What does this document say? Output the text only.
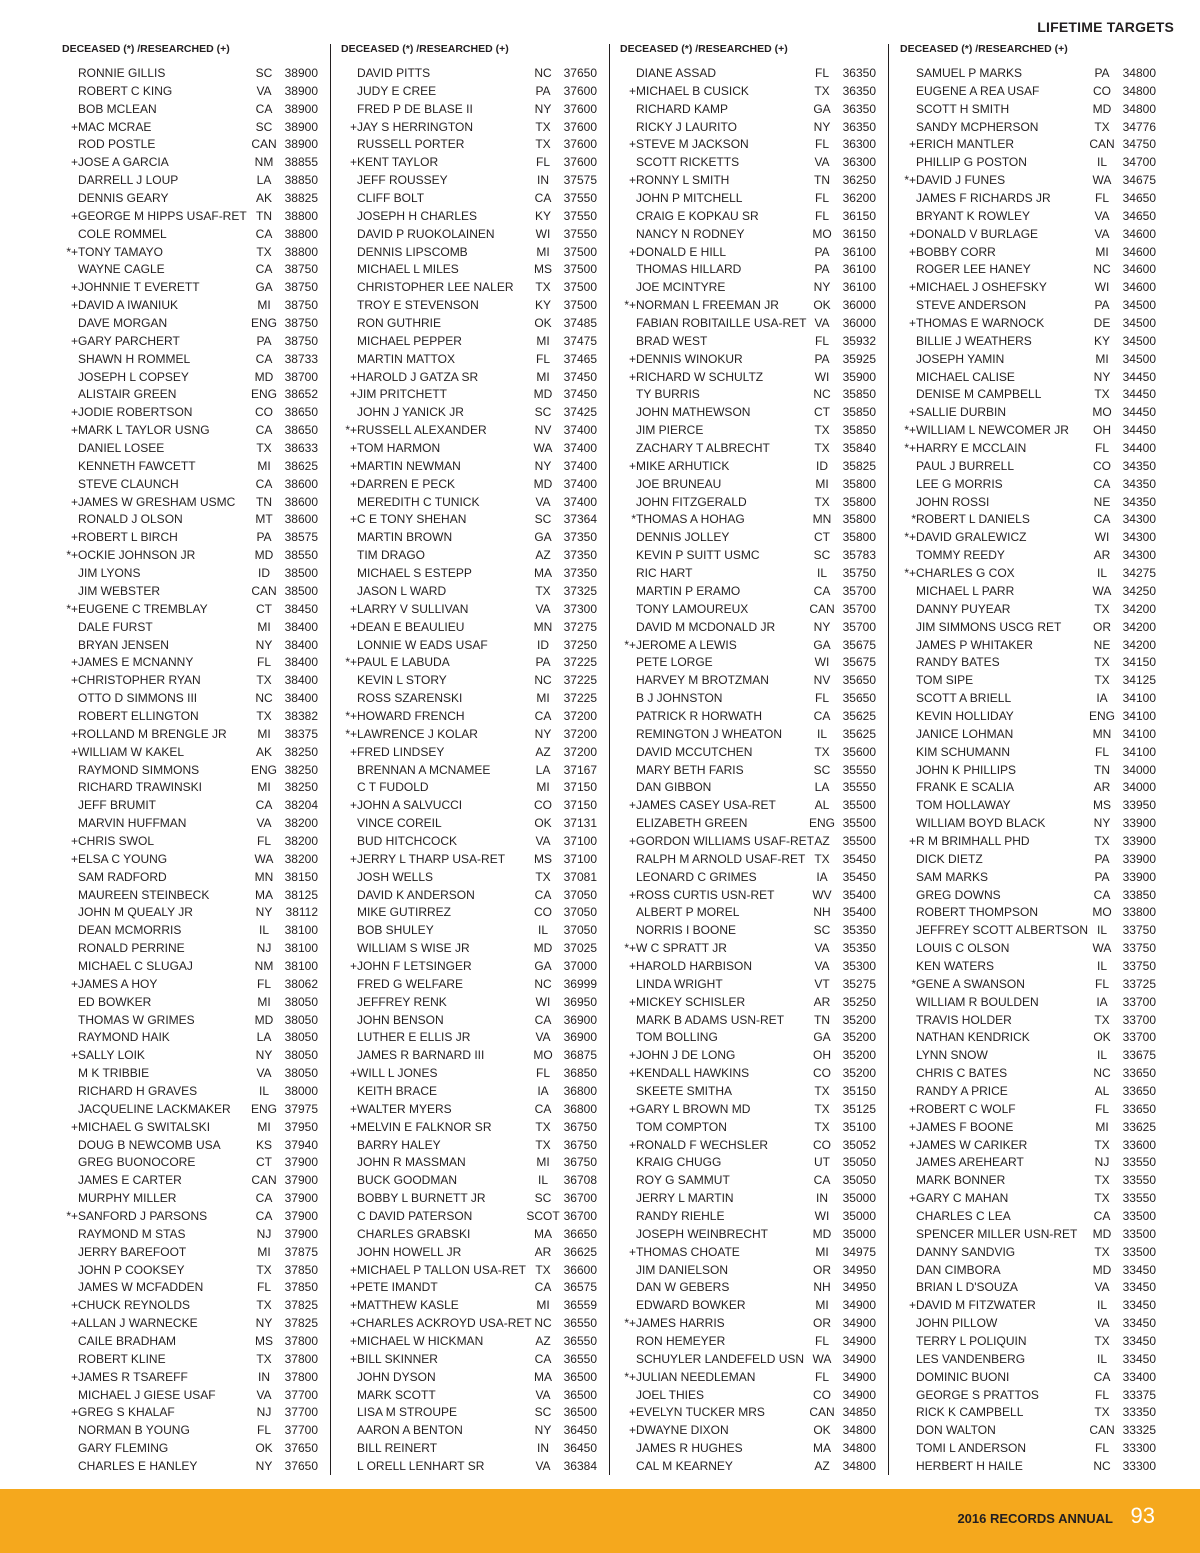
LIFETIME TARGETS
DECEASED (*) /RESEARCHED (+)
RONNIE GILLIS	SC	38900
ROBERT C KING	VA	38900
BOB MCLEAN	CA	38900
+ MAC MCRAE	SC	38900
ROD POSTLE	CAN 38900
+ JOSE A GARCIA	NM 38855
DARRELL J LOUP	LA	38850
DENNIS GEARY	AK	38825
+ GEORGE M HIPPS USAF-RET TN	38800
COLE ROMMEL	CA	38800
*+ TONY TAMAYO	TX	38800
WAYNE CAGLE	CA	38750
+ JOHNNIE T EVERETT	GA 38750
+ DAVID A IWANIUK	MI	38750
DAVE MORGAN	ENG 38750
+ GARY PARCHERT	PA	38750
SHAWN H ROMMEL	CA	38733
JOSEPH L COPSEY	MD 38700
ALISTAIR GREEN	ENG 38652
+ JODIE ROBERTSON	CO 38650
+ MARK L TAYLOR USNG	CA	38650
DANIEL LOSEE	TX	38633
KENNETH FAWCETT	MI	38625
STEVE CLAUNCH	CA	38600
+ JAMES W GRESHAM USMC	TN	38600
RONALD J OLSON	MT 38600
+ ROBERT L BIRCH	PA	38575
*+ OCKIE JOHNSON JR	MD 38550
JIM LYONS	ID	38500
JIM WEBSTER	CAN 38500
*+ EUGENE C TREMBLAY	CT	38450
DALE FURST	MI	38400
BRYAN JENSEN	NY	38400
+ JAMES E MCNANNY	FL	38400
+ CHRISTOPHER RYAN	TX	38400
OTTO D SIMMONS III	NC 38400
ROBERT ELLINGTON	TX	38382
+ ROLLAND M BRENGLE JR	MI	38375
+ WILLIAM W KAKEL	AK	38250
RAYMOND SIMMONS	ENG 38250
RICHARD TRAWINSKI	MI	38250
JEFF BRUMIT	CA	38204
MARVIN HUFFMAN	VA	38200
+ CHRIS SWOL	FL	38200
+ ELSA C YOUNG	WA 38200
SAM RADFORD	MN 38150
MAUREEN STEINBECK	MA 38125
JOHN M QUEALY JR	NY	38112
DEAN MCMORRIS	IL	38100
RONALD PERRINE	NJ	38100
MICHAEL C SLUGAJ	NM 38100
+ JAMES A HOY	FL	38062
ED BOWKER	MI	38050
THOMAS W GRIMES	MD 38050
RAYMOND HAIK	LA	38050
+ SALLY LOIK	NY	38050
M K TRIBBIE	VA	38050
RICHARD H GRAVES	IL	38000
JACQUELINE LACKMAKER	ENG 37975
+ MICHAEL G SWITALSKI	MI	37950
DOUG B NEWCOMB USA	KS	37940
GREG BUONOCORE	CT	37900
JAMES E CARTER	CAN 37900
MURPHY MILLER	CA	37900
*+ SANFORD J PARSONS	CA	37900
RAYMOND M STAS	NJ	37900
JERRY BAREFOOT	MI	37875
JOHN P COOKSEY	TX	37850
JAMES W MCFADDEN	FL	37850
+ CHUCK REYNOLDS	TX	37825
+ ALLAN J WARNECKE	NY	37825
CAILE BRADHAM	MS 37800
ROBERT KLINE	TX	37800
+ JAMES R TSAREFF	IN	37800
MICHAEL J GIESE USAF	VA	37700
+ GREG S KHALAF	NJ	37700
NORMAN B YOUNG	FL	37700
GARY FLEMING	OK 37650
CHARLES E HANLEY	NY	37650
DECEASED (*) /RESEARCHED (+)
DAVID PITTS	NC 37650
JUDY E CREE	PA	37600
FRED P DE BLASE II	NY	37600
+ JAY S HERRINGTON	TX	37600
RUSSELL PORTER	TX	37600
+ KENT TAYLOR	FL	37600
JEFF ROUSSEY	IN	37575
CLIFF BOLT	CA	37550
JOSEPH H CHARLES	KY	37550
DAVID P RUOKOLAINEN	WI	37550
DENNIS LIPSCOMB	MI	37500
MICHAEL L MILES	MS 37500
CHRISTOPHER LEE NALER	TX	37500
TROY E STEVENSON	KY	37500
RON GUTHRIE	OK 37485
MICHAEL PEPPER	MI	37475
MARTIN MATTOX	FL	37465
+ HAROLD J GATZA SR	MI	37450
+ JIM PRITCHETT	MD 37450
JOHN J YANICK JR	SC	37425
*+ RUSSELL ALEXANDER	NV	37400
+ TOM HARMON	WA 37400
+ MARTIN NEWMAN	NY	37400
+ DARREN E PECK	MD 37400
MEREDITH C TUNICK	VA	37400
+ C E TONY SHEHAN	SC	37364
MARTIN BROWN	GA 37350
TIM DRAGO	AZ	37350
MICHAEL S ESTEPP	MA 37350
JASON L WARD	TX	37325
+ LARRY V SULLIVAN	VA	37300
+ DEAN E BEAULIEU	MN 37275
LONNIE W EADS USAF	ID	37250
*+ PAUL E LABUDA	PA	37225
KEVIN L STORY	NC 37225
ROSS SZARENSKI	MI	37225
*+ HOWARD FRENCH	CA	37200
*+ LAWRENCE J KOLAR	NY	37200
+ FRED LINDSEY	AZ	37200
BRENNAN A MCNAMEE	LA	37167
C T FUDOLD	MI	37150
+ JOHN A SALVUCCI	CO 37150
VINCE COREIL	OK 37131
BUD HITCHCOCK	VA	37100
+ JERRY L THARP USA-RET	MS 37100
JOSH WELLS	TX	37081
DAVID K ANDERSON	CA	37050
MIKE GUTIRREZ	CO 37050
BOB SHULEY	IL	37050
WILLIAM S WISE JR	MD 37025
+ JOHN F LETSINGER	GA 37000
FRED G WELFARE	NC 36999
JEFFREY RENK	WI	36950
JOHN BENSON	CA	36900
LUTHER E ELLIS JR	VA	36900
JAMES R BARNARD III	MO 36875
+ WILL L JONES	FL	36850
KEITH BRACE	IA	36800
+ WALTER MYERS	CA	36800
+ MELVIN E FALKNOR SR	TX	36750
BARRY HALEY	TX	36750
JOHN R MASSMAN	MI	36750
BUCK GOODMAN	IL	36708
BOBBY L BURNETT JR	SC	36700
C DAVID PATERSON	SCOT 36700
CHARLES GRABSKI	MA 36650
JOHN HOWELL JR	AR	36625
+ MICHAEL P TALLON USA-RET TX	36600
+ PETE IMANDT	CA	36575
+ MATTHEW KASLE	MI	36559
+ CHARLES ACKROYD USA-RET NC 36550
+ MICHAEL W HICKMAN	AZ	36550
+ BILL SKINNER	CA	36550
JOHN DYSON	MA 36500
MARK SCOTT	VA	36500
LISA M STROUPE	SC	36500
AARON A BENTON	NY	36450
BILL REINERT	IN	36450
L ORELL LENHART SR	VA	36384
DECEASED (*) /RESEARCHED (+)
DIANE ASSAD	FL	36350
+ MICHAEL B CUSICK	TX	36350
RICHARD KAMP	GA 36350
RICKY J LAURITO	NY	36350
+ STEVE M JACKSON	FL	36300
SCOTT RICKETTS	VA	36300
+ RONNY L SMITH	TN	36250
JOHN P MITCHELL	FL	36200
CRAIG E KOPKAU SR	FL	36150
NANCY N RODNEY	MO 36150
+ DONALD E HILL	PA	36100
THOMAS HILLARD	PA	36100
JOE MCINTYRE	NY	36100
*+ NORMAN L FREEMAN JR	OK 36000
FABIAN ROBITAILLE USA-RET VA	36000
BRAD WEST	FL	35932
+ DENNIS WINOKUR	PA	35925
+ RICHARD W SCHULTZ	WI	35900
TY BURRIS	NC 35850
JOHN MATHEWSON	CT	35850
JIM PIERCE	TX	35850
ZACHARY T ALBRECHT	TX	35840
+ MIKE ARHUTICK	ID	35825
JOE BRUNEAU	MI	35800
JOHN FITZGERALD	TX	35800
* THOMAS A HOHAG	MN 35800
DENNIS JOLLEY	CT	35800
KEVIN P SUITT USMC	SC	35783
RIC HART	IL	35750
MARTIN P ERAMO	CA	35700
TONY LAMOUREUX	CAN 35700
DAVID M MCDONALD JR	NY	35700
*+ JEROME A LEWIS	GA 35675
PETE LORGE	WI	35675
HARVEY M BROTZMAN	NV	35650
B J JOHNSTON	FL	35650
PATRICK R HORWATH	CA	35625
REMINGTON J WHEATON	IL	35625
DAVID MCCUTCHEN	TX	35600
MARY BETH FARIS	SC	35550
DAN GIBBON	LA	35550
+ JAMES CASEY USA-RET	AL	35500
ELIZABETH GREEN	ENG 35500
+ GORDON WILLIAMS USAF-RET AZ	35500
RALPH M ARNOLD USAF-RET TX	35450
LEONARD C GRIMES	IA	35450
+ ROSS CURTIS USN-RET	WV 35400
ALBERT P MOREL	NH 35400
NORRIS I BOONE	SC	35350
*+ W C SPRATT JR	VA	35350
+ HAROLD HARBISON	VA	35300
LINDA WRIGHT	VT	35275
+ MICKEY SCHISLER	AR	35250
MARK B ADAMS USN-RET	TN	35200
TOM BOLLING	GA 35200
+ JOHN J DE LONG	OH 35200
+ KENDALL HAWKINS	CO 35200
SKEETE SMITHA	TX	35150
+ GARY L BROWN MD	TX	35125
TOM COMPTON	TX	35100
+ RONALD F WECHSLER	CO 35052
KRAIG CHUGG	UT	35050
ROY G SAMMUT	CA	35050
JERRY L MARTIN	IN	35000
RANDY RIEHLE	WI	35000
JOSEPH WEINBRECHT	MD 35000
+ THOMAS CHOATE	MI	34975
JIM DANIELSON	OR 34950
DAN W GEBERS	NH 34950
EDWARD BOWKER	MI	34900
*+ JAMES HARRIS	OR 34900
RON HEMEYER	FL	34900
SCHUYLER LANDEFELD USN WA 34900
*+ JULIAN NEEDLEMAN	FL	34900
JOEL THIES	CO 34900
+ EVELYN TUCKER MRS	CAN 34850
+ DWAYNE DIXON	OK 34800
JAMES R HUGHES	MA 34800
CAL M KEARNEY	AZ	34800
DECEASED (*) /RESEARCHED (+)
SAMUEL P MARKS	PA	34800
EUGENE A REA USAF	CO 34800
SCOTT H SMITH	MD 34800
SANDY MCPHERSON	TX	34776
+ ERICH MANTLER	CAN 34750
PHILLIP G POSTON	IL	34700
*+ DAVID J FUNES	WA 34675
JAMES F RICHARDS JR	FL	34650
BRYANT K ROWLEY	VA	34650
+ DONALD V BURLAGE	VA	34600
+ BOBBY CORR	MI	34600
ROGER LEE HANEY	NC 34600
+ MICHAEL J OSHEFSKY	WI	34600
STEVE ANDERSON	PA	34500
+ THOMAS E WARNOCK	DE	34500
BILLIE J WEATHERS	KY	34500
JOSEPH YAMIN	MI	34500
MICHAEL CALISE	NY	34450
DENISE M CAMPBELL	TX	34450
+ SALLIE DURBIN	MO 34450
*+ WILLIAM L NEWCOMER JR	OH 34450
*+ HARRY E MCCLAIN	FL	34400
PAUL J BURRELL	CO 34350
LEE G MORRIS	CA	34350
JOHN ROSSI	NE	34350
* ROBERT L DANIELS	CA	34300
*+ DAVID GRALEWICZ	WI	34300
TOMMY REEDY	AR	34300
*+ CHARLES G COX	IL	34275
MICHAEL L PARR	WA 34250
DANNY PUYEAR	TX	34200
JIM SIMMONS USCG RET	OR 34200
JAMES P WHITAKER	NE	34200
RANDY BATES	TX	34150
TOM SIPE	TX	34125
SCOTT A BRIELL	IA	34100
KEVIN HOLLIDAY	ENG 34100
JANICE LOHMAN	MN 34100
KIM SCHUMANN	FL	34100
JOHN K PHILLIPS	TN	34000
FRANK E SCALIA	AR	34000
TOM HOLLAWAY	MS 33950
WILLIAM BOYD BLACK	NY	33900
+ R M BRIMHALL PHD	TX	33900
DICK DIETZ	PA	33900
SAM MARKS	PA	33900
GREG DOWNS	CA	33850
ROBERT THOMPSON	MO 33800
JEFFREY SCOTT ALBERTSON IL	33750
LOUIS C OLSON	WA 33750
KEN WATERS	IL	33750
* GENE A SWANSON	FL	33725
WILLIAM R BOULDEN	IA	33700
TRAVIS HOLDER	TX	33700
NATHAN KENDRICK	OK 33700
LYNN SNOW	IL	33675
CHRIS C BATES	NC 33650
RANDY A PRICE	AL	33650
+ ROBERT C WOLF	FL	33650
+ JAMES F BOONE	MI	33625
+ JAMES W CARIKER	TX	33600
JAMES AREHEART	NJ	33550
MARK BONNER	TX	33550
+ GARY C MAHAN	TX	33550
CHARLES C LEA	CA	33500
SPENCER MILLER USN-RET	MD 33500
DANNY SANDVIG	TX	33500
DAN CIMBORA	MD 33450
BRIAN L D'SOUZA	VA	33450
+ DAVID M FITZWATER	IL	33450
JOHN PILLOW	VA	33450
TERRY L POLIQUIN	TX	33450
LES VANDENBERG	IL	33450
DOMINIC BUONI	CA	33400
GEORGE S PRATTOS	FL	33375
RICK K CAMPBELL	TX	33350
DON WALTON	CAN 33325
TOMI L ANDERSON	FL	33300
HERBERT H HAILE	NC 33300
2016 RECORDS ANNUAL 93
